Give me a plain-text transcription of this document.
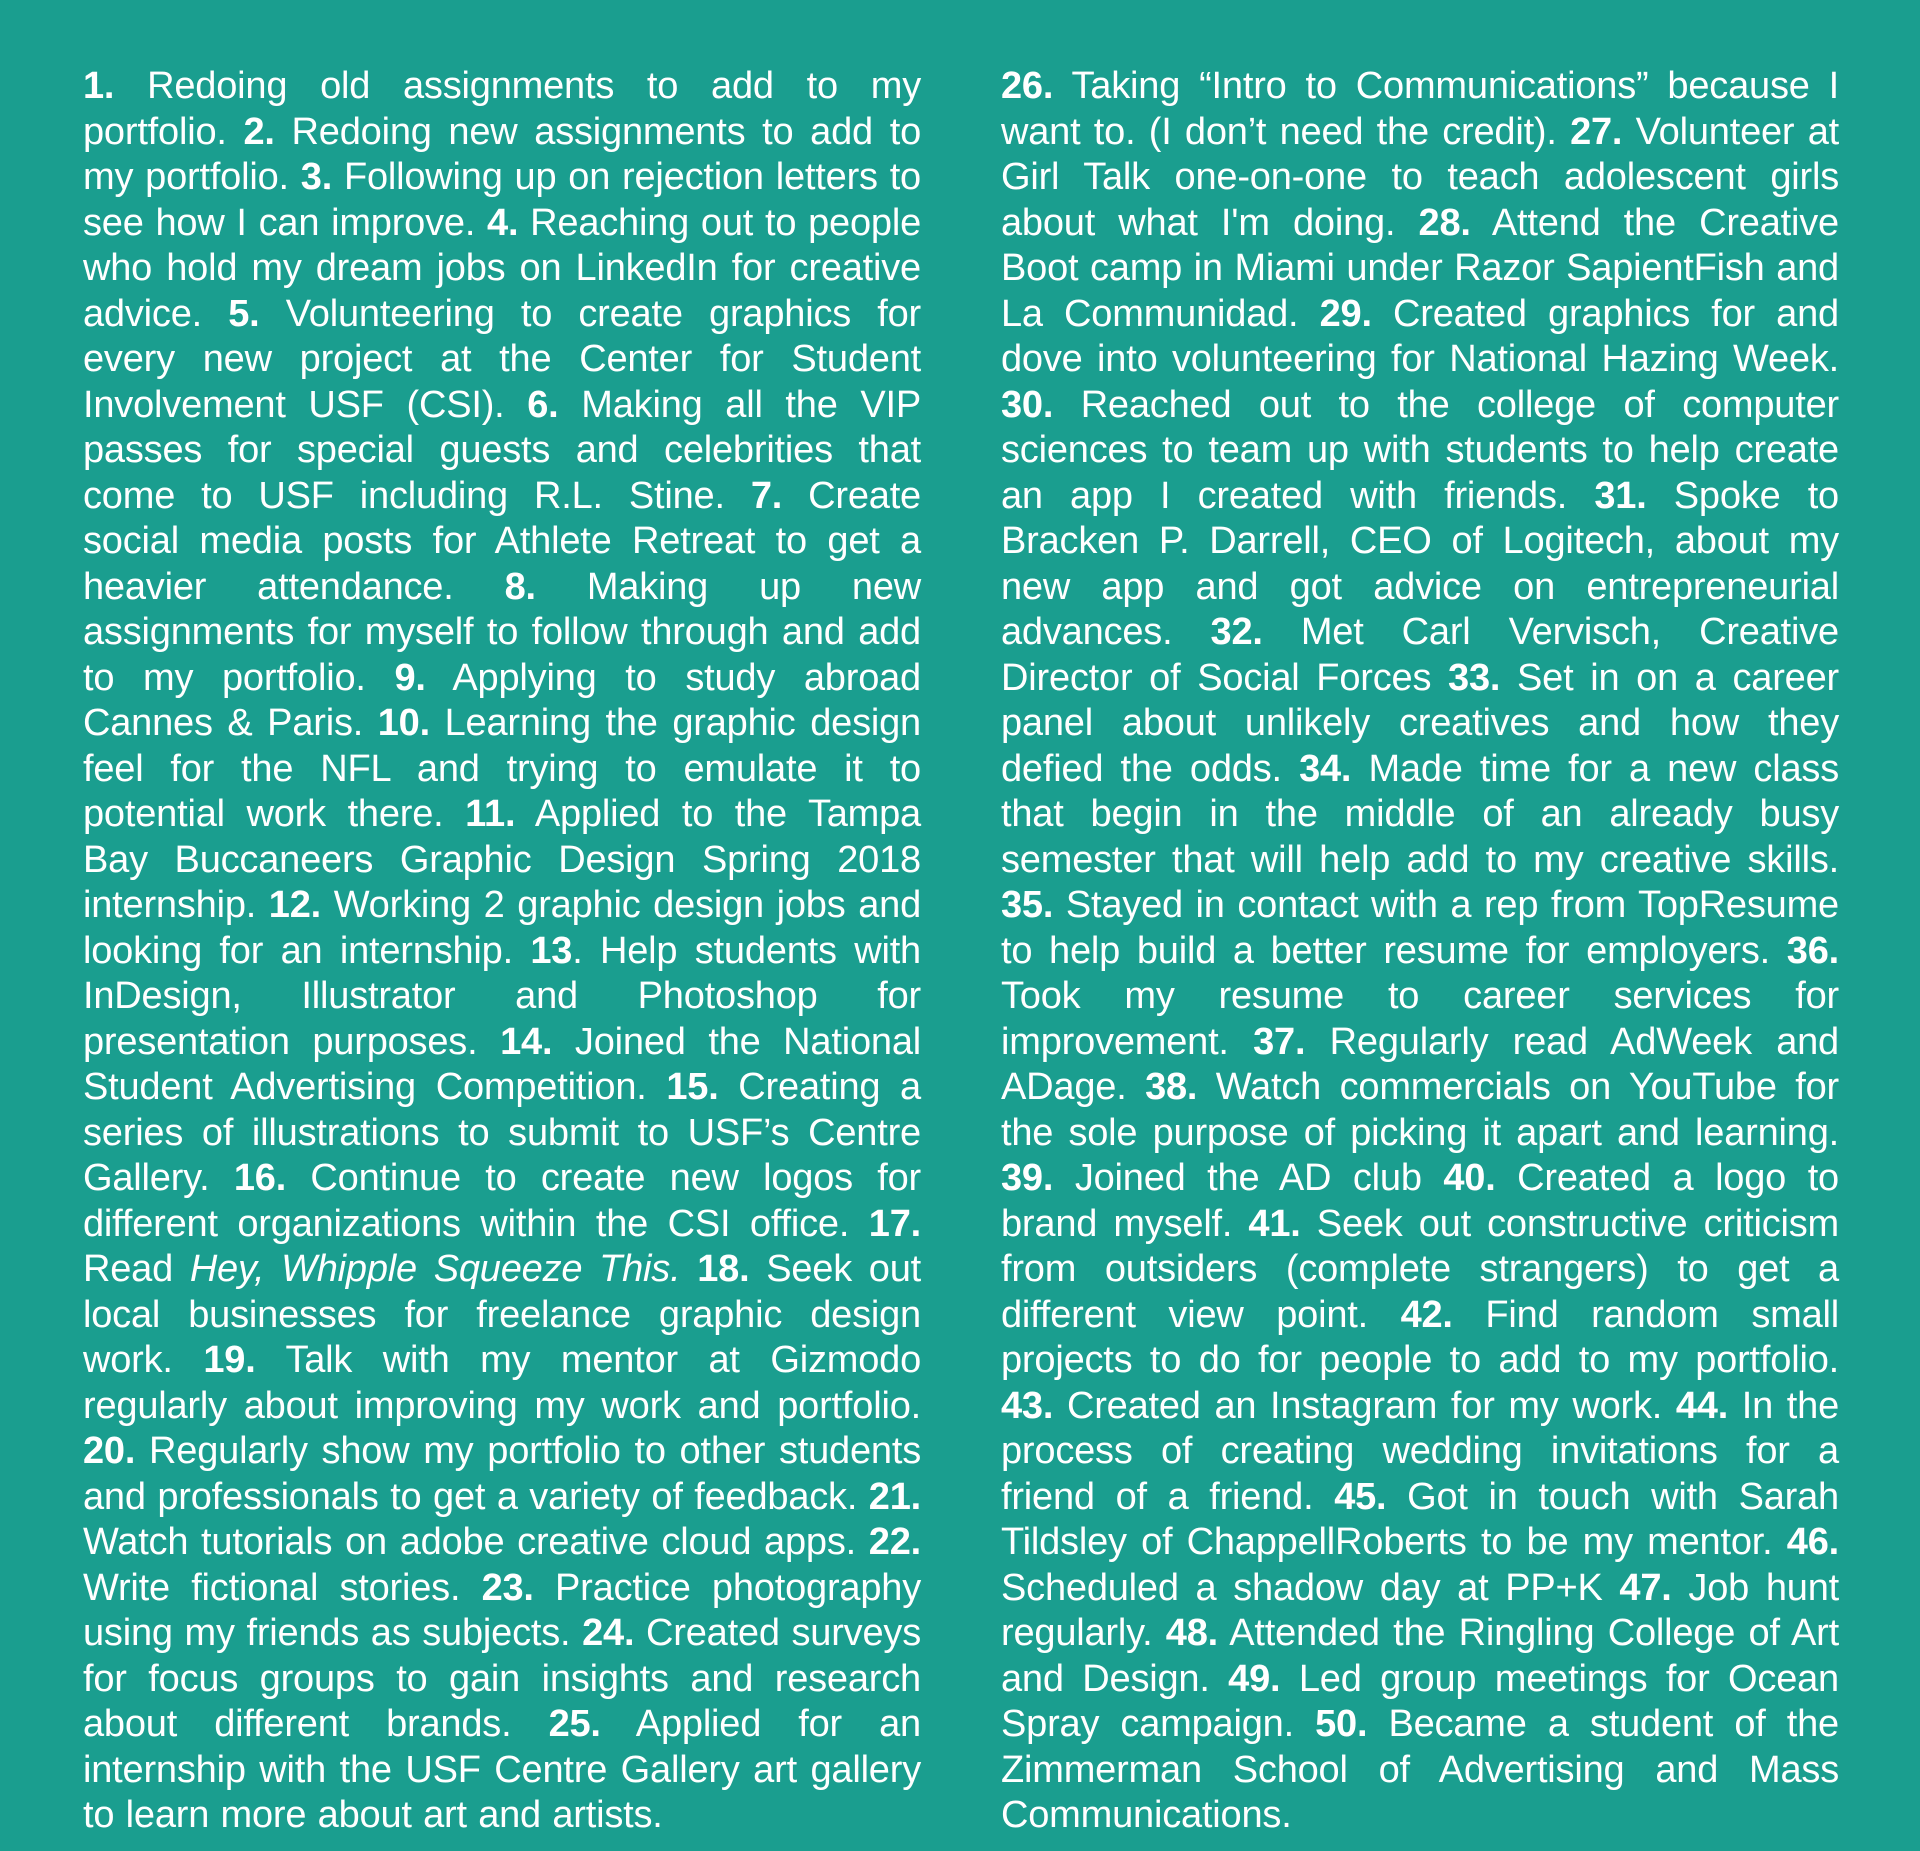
1. Redoing old assignments to add to my portfolio. 2. Redoing new assignments to add to my portfolio. 3. Following up on rejection letters to see how I can improve. 4. Reaching out to people who hold my dream jobs on LinkedIn for creative advice. 5. Volunteering to create graphics for every new project at the Center for Student Involvement USF (CSI). 6. Making all the VIP passes for special guests and celebrities that come to USF including R.L. Stine. 7. Create social media posts for Athlete Retreat to get a heavier attendance. 8. Making up new assignments for myself to follow through and add to my portfolio. 9. Applying to study abroad Cannes & Paris. 10. Learning the graphic design feel for the NFL and trying to emulate it to potential work there. 11. Applied to the Tampa Bay Buccaneers Graphic Design Spring 2018 internship. 12. Working 2 graphic design jobs and looking for an internship. 13. Help students with InDesign, Illustrator and Photoshop for presentation purposes. 14. Joined the National Student Advertising Competition. 15. Creating a series of illustrations to submit to USF’s Centre Gallery. 16. Continue to create new logos for different organizations within the CSI office. 17. Read Hey, Whipple Squeeze This. 18. Seek out local businesses for freelance graphic design work. 19. Talk with my mentor at Gizmodo regularly about improving my work and portfolio. 20. Regularly show my portfolio to other students and professionals to get a variety of feedback. 21. Watch tutorials on adobe creative cloud apps. 22. Write fictional stories. 23. Practice photography using my friends as subjects. 24. Created surveys for focus groups to gain insights and research about different brands. 25. Applied for an internship with the USF Centre Gallery art gallery to learn more about art and artists.
26. Taking “Intro to Communications” because I want to. (I don’t need the credit). 27. Volunteer at Girl Talk one-on-one to teach adolescent girls about what I'm doing. 28. Attend the Creative Boot camp in Miami under Razor SapientFish and La Communidad. 29. Created graphics for and dove into volunteering for National Hazing Week. 30. Reached out to the college of computer sciences to team up with students to help create an app I created with friends. 31. Spoke to Bracken P. Darrell, CEO of Logitech, about my new app and got advice on entrepreneurial advances. 32. Met Carl Vervisch, Creative Director of Social Forces 33. Set in on a career panel about unlikely creatives and how they defied the odds. 34. Made time for a new class that begin in the middle of an already busy semester that will help add to my creative skills. 35. Stayed in contact with a rep from TopResume to help build a better resume for employers. 36. Took my resume to career services for improvement. 37. Regularly read AdWeek and ADage. 38. Watch commercials on YouTube for the sole purpose of picking it apart and learning. 39. Joined the AD club 40. Created a logo to brand myself. 41. Seek out constructive criticism from outsiders (complete strangers) to get a different view point. 42. Find random small projects to do for people to add to my portfolio. 43. Created an Instagram for my work. 44. In the process of creating wedding invitations for a friend of a friend. 45. Got in touch with Sarah Tildsley of ChappellRoberts to be my mentor. 46. Scheduled a shadow day at PP+K 47. Job hunt regularly. 48. Attended the Ringling College of Art and Design. 49. Led group meetings for Ocean Spray campaign. 50. Became a student of the Zimmerman School of Advertising and Mass Communications.
